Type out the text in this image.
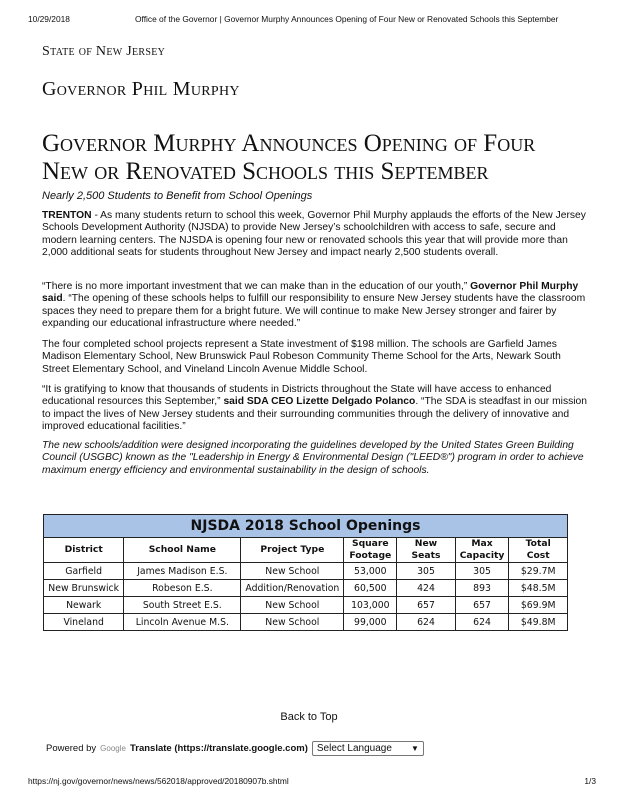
10/29/2018	Office of the Governor | Governor Murphy Announces Opening of Four New or Renovated Schools this September
State of New Jersey
Governor Phil Murphy
Governor Murphy Announces Opening of Four New or Renovated Schools this September
Nearly 2,500 Students to Benefit from School Openings

TRENTON - As many students return to school this week, Governor Phil Murphy applauds the efforts of the New Jersey Schools Development Authority (NJSDA) to provide New Jersey’s schoolchildren with access to safe, secure and modern learning centers. The NJSDA is opening four new or renovated schools this year that will provide more than 2,000 additional seats for students throughout New Jersey and impact nearly 2,500 students overall.

“There is no more important investment that we can make than in the education of our youth,” Governor Phil Murphy said. “The opening of these schools helps to fulfill our responsibility to ensure New Jersey students have the classroom spaces they need to prepare them for a bright future. We will continue to make New Jersey stronger and fairer by expanding our educational infrastructure where needed.”

The four completed school projects represent a State investment of $198 million. The schools are Garfield James Madison Elementary School, New Brunswick Paul Robeson Community Theme School for the Arts, Newark South Street Elementary School, and Vineland Lincoln Avenue Middle School.

“It is gratifying to know that thousands of students in Districts throughout the State will have access to enhanced educational resources this September,” said SDA CEO Lizette Delgado Polanco. “The SDA is steadfast in our mission to impact the lives of New Jersey students and their surrounding communities through the delivery of innovative and improved educational facilities.”

The new schools/addition were designed incorporating the guidelines developed by the United States Green Building Council (USGBC) known as the "Leadership in Energy & Environmental Design ("LEED®") program in order to achieve maximum energy efficiency and environmental sustainability in the design of schools.

NJSDA 2018 School Openings						
District	School Name	Project Type	Square Footage	New Seats	Max Capacity	Total Cost
Garfield	James Madison E.S.	New School	53,000	305	305	$29.7M
New Brunswick	Robeson E.S.	Addition/Renovation	60,500	424	893	$48.5M
Newark	South Street E.S.	New School	103,000	657	657	$69.9M
Vineland	Lincoln Avenue M.S.	New School	99,000	624	624	$49.8M
Back to Top
Powered by Google Translate (https://translate.google.com) Select Language ▼
https://nj.gov/governor/news/news/562018/approved/20180907b.shtml	1/3
